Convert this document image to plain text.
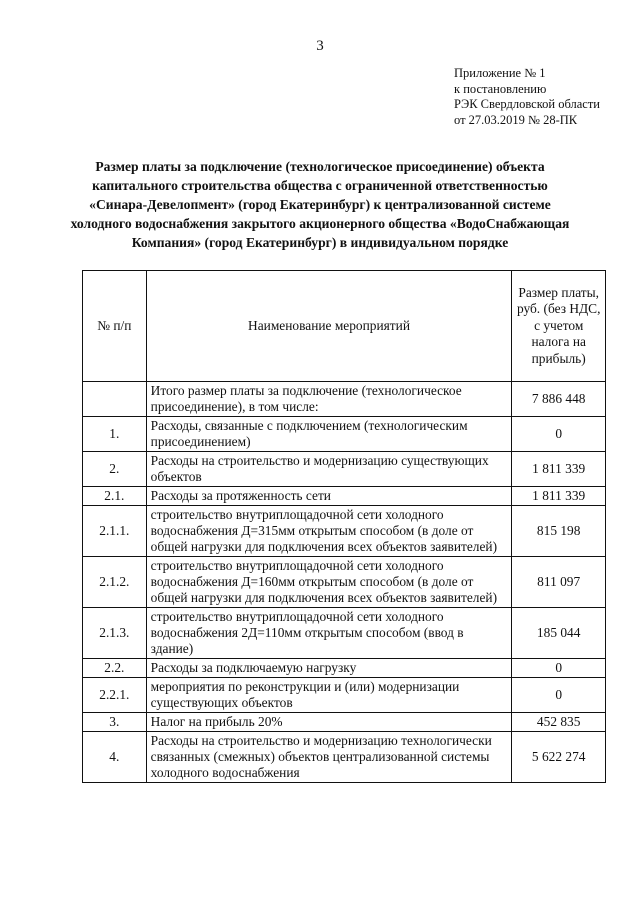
3
Приложение № 1
к постановлению
РЭК Свердловской области
от 27.03.2019 № 28-ПК
Размер платы за подключение (технологическое присоединение) объекта капитального строительства общества с ограниченной ответственностью «Синара-Девелопмент» (город Екатеринбург) к централизованной системе холодного водоснабжения закрытого акционерного общества «ВодоСнабжающая Компания» (город Екатеринбург) в индивидуальном порядке
№ п/п	Наименование мероприятий	Размер платы, руб. (без НДС, с учетом налога на прибыль)
	Итого размер платы за подключение (технологическое присоединение), в том числе:	7 886 448
1.	Расходы, связанные с подключением (технологическим присоединением)	0
2.	Расходы на строительство и модернизацию существующих объектов	1 811 339
2.1.	Расходы за протяженность сети	1 811 339
2.1.1.	строительство внутриплощадочной сети холодного водоснабжения Д=315мм открытым способом (в доле от общей нагрузки для подключения всех объектов заявителей)	815 198
2.1.2.	строительство внутриплощадочной сети холодного водоснабжения Д=160мм открытым способом (в доле от общей нагрузки для подключения всех объектов заявителей)	811 097
2.1.3.	строительство внутриплощадочной сети холодного водоснабжения 2Д=110мм открытым способом (ввод в здание)	185 044
2.2.	Расходы за подключаемую нагрузку	0
2.2.1.	мероприятия по реконструкции и (или) модернизации существующих объектов	0
3.	Налог на прибыль 20%	452 835
4.	Расходы на строительство и модернизацию технологически связанных (смежных) объектов централизованной системы холодного водоснабжения	5 622 274
